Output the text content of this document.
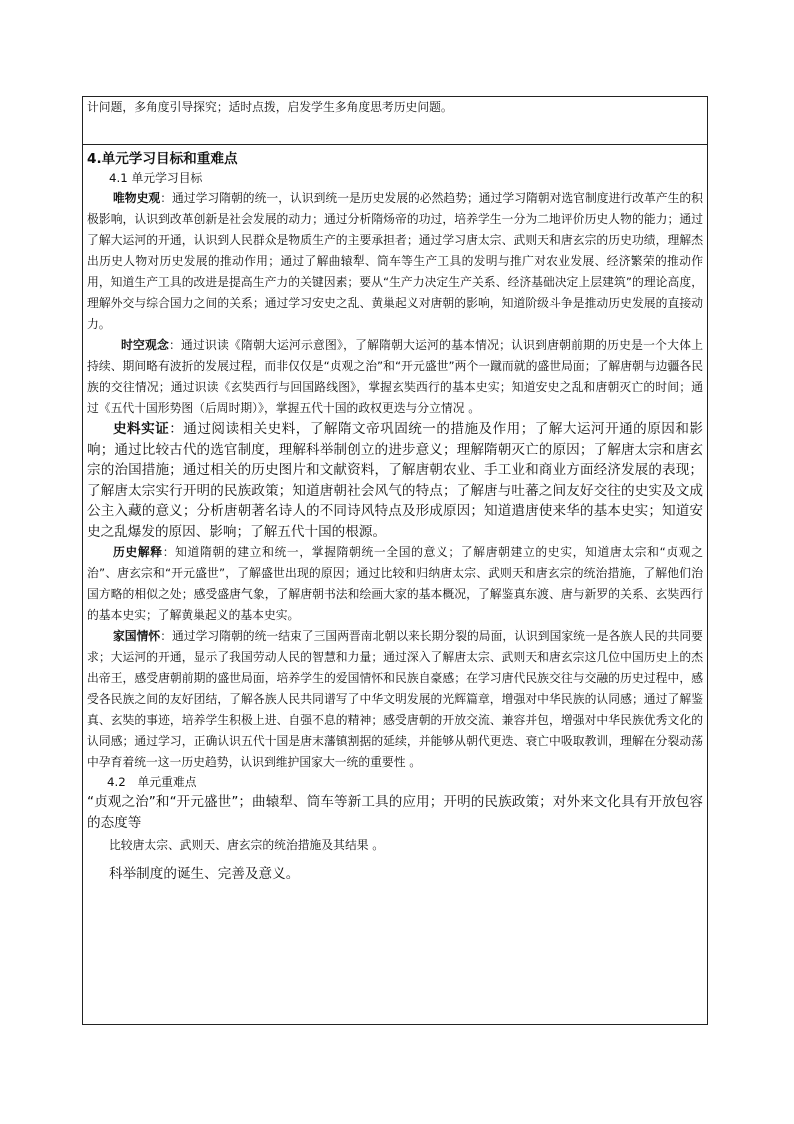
计问题，多角度引导探究；适时点拨，启发学生多角度思考历史问题。

4.单元学习目标和重难点

4.1 单元学习目标

唯物史观：通过学习隋朝的统一，认识到统一是历史发展的必然趋势；通过学习隋朝对选官制度进行改革产生的积极影响，认识到改革创新是社会发展的动力；通过分析隋炀帝的功过，培养学生一分为二地评价历史人物的能力；通过了解大运河的开通，认识到人民群众是物质生产的主要承担者；通过学习唐太宗、武则天和唐玄宗的历史功绩，理解杰出历史人物对历史发展的推动作用；通过了解曲辕犁、筒车等生产工具的发明与推广对农业发展、经济繁荣的推动作用，知道生产工具的改进是提高生产力的关键因素；要从“生产力决定生产关系、经济基础决定上层建筑”的理论高度，理解外交与综合国力之间的关系；通过学习安史之乱、黄巢起义对唐朝的影响，知道阶级斗争是推动历史发展的直接动力。

时空观念：通过识读《隋朝大运河示意图》，了解隋朝大运河的基本情况；认识到唐朝前期的历史是一个大体上持续、期间略有波折的发展过程，而非仅仅是“贞观之治”和“开元盛世”两个一蹴而就的盛世局面；了解唐朝与边疆各民族的交往情况；通过识读《玄奘西行与回国路线图》，掌握玄奘西行的基本史实；知道安史之乱和唐朝灭亡的时间；通过《五代十国形势图（后周时期）》，掌握五代十国的政权更迭与分立情况 。

史料实证：通过阅读相关史料，了解隋文帝巩固统一的措施及作用；了解大运河开通的原因和影响；通过比较古代的选官制度，理解科举制创立的进步意义；理解隋朝灭亡的原因；了解唐太宗和唐玄宗的治国措施；通过相关的历史图片和文献资料，了解唐朝农业、手工业和商业方面经济发展的表现；了解唐太宗实行开明的民族政策；知道唐朝社会风气的特点；了解唐与吐蕃之间友好交往的史实及文成公主入藏的意义；分析唐朝著名诗人的不同诗风特点及形成原因；知道遣唐使来华的基本史实；知道安史之乱爆发的原因、影响；了解五代十国的根源。

历史解释：知道隋朝的建立和统一，掌握隋朝统一全国的意义；了解唐朝建立的史实，知道唐太宗和“贞观之治”、唐玄宗和“开元盛世”，了解盛世出现的原因；通过比较和归纳唐太宗、武则天和唐玄宗的统治措施，了解他们治国方略的相似之处；感受盛唐气象，了解唐朝书法和绘画大家的基本概况，了解鉴真东渡、唐与新罗的关系、玄奘西行的基本史实；了解黄巢起义的基本史实。

家国情怀：通过学习隋朝的统一结束了三国两晋南北朝以来长期分裂的局面，认识到国家统一是各族人民的共同要求；大运河的开通，显示了我国劳动人民的智慧和力量；通过深入了解唐太宗、武则天和唐玄宗这几位中国历史上的杰出帝王，感受唐朝前期的盛世局面，培养学生的爱国情怀和民族自豪感；在学习唐代民族交往与交融的历史过程中，感受各民族之间的友好团结，了解各族人民共同谱写了中华文明发展的光辉篇章，增强对中华民族的认同感；通过了解鉴真、玄奘的事迹，培养学生积极上进、自强不息的精神；感受唐朝的开放交流、兼容并包，增强对中华民族优秀文化的认同感；通过学习，正确认识五代十国是唐末藩镇割据的延续，并能够从朝代更迭、衰亡中吸取教训，理解在分裂动荡中孕育着统一这一历史趋势，认识到维护国家大一统的重要性 。

4.2　单元重难点

“贞观之治”和“开元盛世”；曲辕犁、筒车等新工具的应用；开明的民族政策；对外来文化具有开放包容的态度等

比较唐太宗、武则天、唐玄宗的统治措施及其结果 。

科举制度的诞生、完善及意义。
